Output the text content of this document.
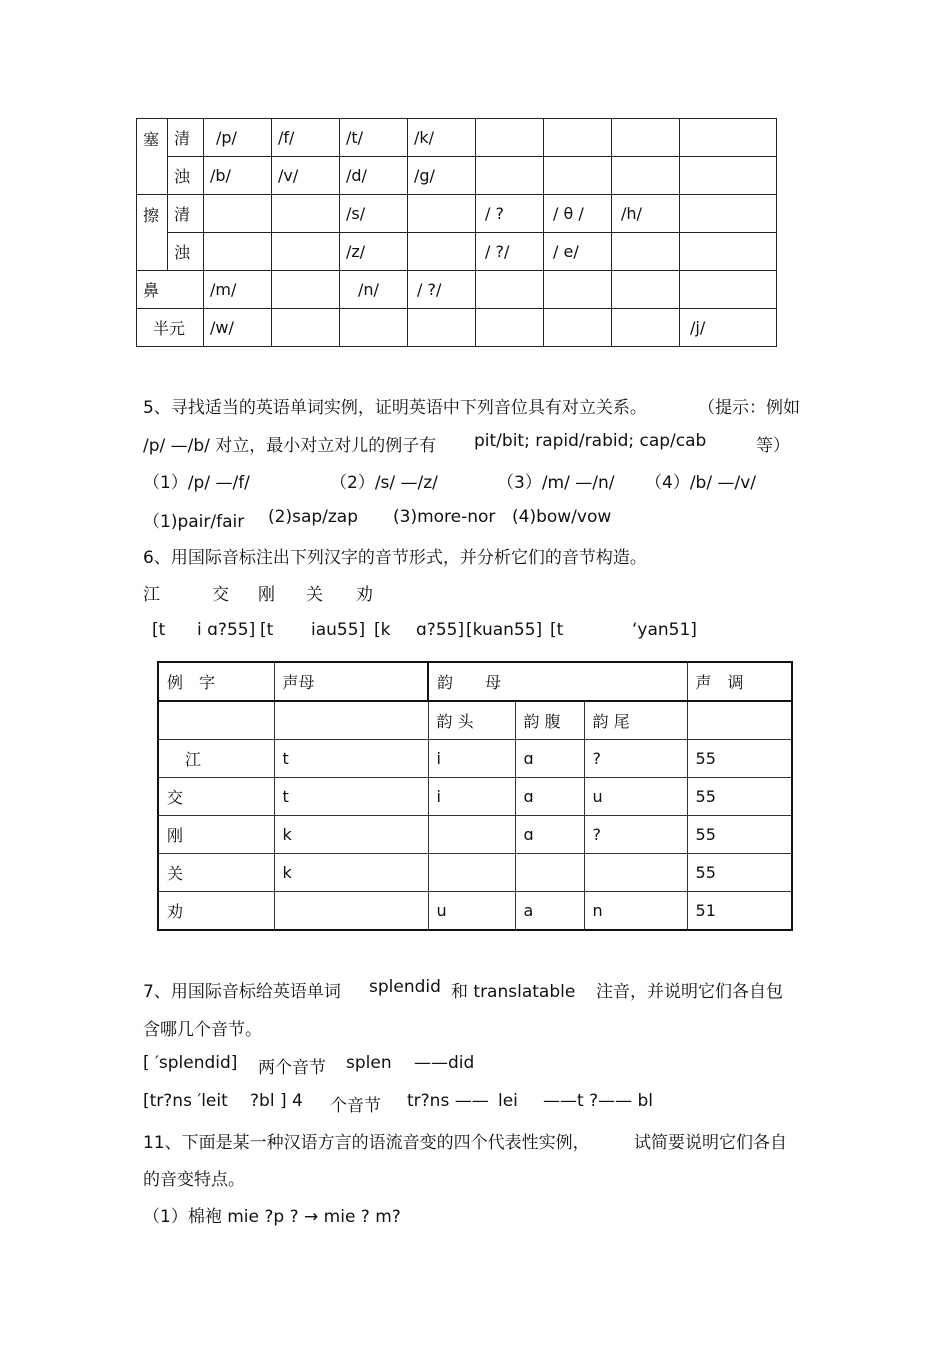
塞	清	/p/	/f/	/t/	/k/				
	浊	/b/	/v/	/d/	/g/				
擦	清			/s/		/ ?	/ θ /	/h/	
	浊			/z/		/ ?/	/ e/		
鼻		/m/		/n/	/ ?/				
半元		/w/							/j/
5、寻找适当的英语单词实例，证明英语中下列音位具有对立关系。	（提示：例如
/p/ —/b/ 对立，最小对立对儿的例子有 pit/bit; rapid/rabid; cap/cab	等）
（1）/p/ —/f/	（2）/s/ —/z/	（3）/m/ —/n/ （4）/b/ —/v/
（1)pair/fair (2)sap/zap (3)more-nor (4)bow/vow
6、用国际音标注出下列汉字的音节形式，并分析它们的音节构造。
江	交 刚 关 劝
[t i ɑ?55] [t iau55] [k ɑ?55] [kuan55] [t	ʻyan51]
例　字	声母	韵　　母			声　调
		韵 头	韵 腹	韵 尾	
江	t	i	ɑ	?	55
交	t	i	ɑ	u	55
刚	k		ɑ	?	55
关	k				55
劝		u	a	n	51
7、用国际音标给英语单词 splendid 和 translatable 注音，并说明它们各自包
含哪几个音节。
[ ′splendid] 两个音节 splen ——did
[tr?ns ′leit ?bl ] 4 个音节 tr?ns —— lei ——t ?—— bl
11、下面是某一种汉语方言的语流音变的四个代表性实例，	试简要说明它们各自
的音变特点。
（1）棉袍 mie ?p ? → mie ? m?
